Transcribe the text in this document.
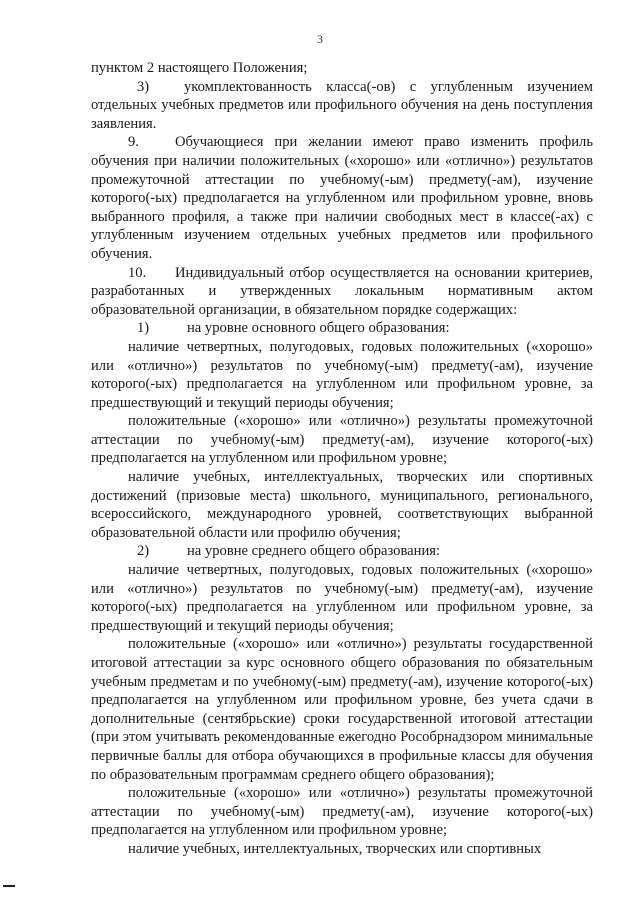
3

пунктом 2 настоящего Положения;

3) укомплектованность класса(-ов) с углубленным изучением отдельных учебных предметов или профильного обучения на день поступления заявления.

9. Обучающиеся при желании имеют право изменить профиль обучения при наличии положительных («хорошо» или «отлично») результатов промежуточной аттестации по учебному(-ым) предмету(-ам), изучение которого(-ых) предполагается на углубленном или профильном уровне, вновь выбранного профиля, а также при наличии свободных мест в классе(-ах) с углубленным изучением отдельных учебных предметов или профильного обучения.

10. Индивидуальный отбор осуществляется на основании критериев, разработанных и утвержденных локальным нормативным актом образовательной организации, в обязательном порядке содержащих:

1)	на уровне основного общего образования:

наличие четвертных, полугодовых, годовых положительных («хорошо» или «отлично») результатов по учебному(-ым) предмету(-ам), изучение которого(-ых) предполагается на углубленном или профильном уровне, за предшествующий и текущий периоды обучения;

положительные («хорошо» или «отлично») результаты промежуточной аттестации по учебному(-ым) предмету(-ам), изучение которого(-ых) предполагается на углубленном или профильном уровне;

наличие учебных, интеллектуальных, творческих или спортивных достижений (призовые места) школьного, муниципального, регионального, всероссийского, международного уровней, соответствующих выбранной образовательной области или профилю обучения;

2)	на уровне среднего общего образования:

наличие четвертных, полугодовых, годовых положительных («хорошо» или «отлично») результатов по учебному(-ым) предмету(-ам), изучение которого(-ых) предполагается на углубленном или профильном уровне, за предшествующий и текущий периоды обучения;

положительные («хорошо» или «отлично») результаты государственной итоговой аттестации за курс основного общего образования по обязательным учебным предметам и по учебному(-ым) предмету(-ам), изучение которого(-ых) предполагается на углубленном или профильном уровне, без учета сдачи в дополнительные (сентябрьские) сроки государственной итоговой аттестации (при этом учитывать рекомендованные ежегодно Рособрнадзором минимальные первичные баллы для отбора обучающихся в профильные классы для обучения по образовательным программам среднего общего образования);

положительные («хорошо» или «отлично») результаты промежуточной аттестации по учебному(-ым) предмету(-ам), изучение которого(-ых) предполагается на углубленном или профильном уровне;

наличие учебных, интеллектуальных, творческих или спортивных
